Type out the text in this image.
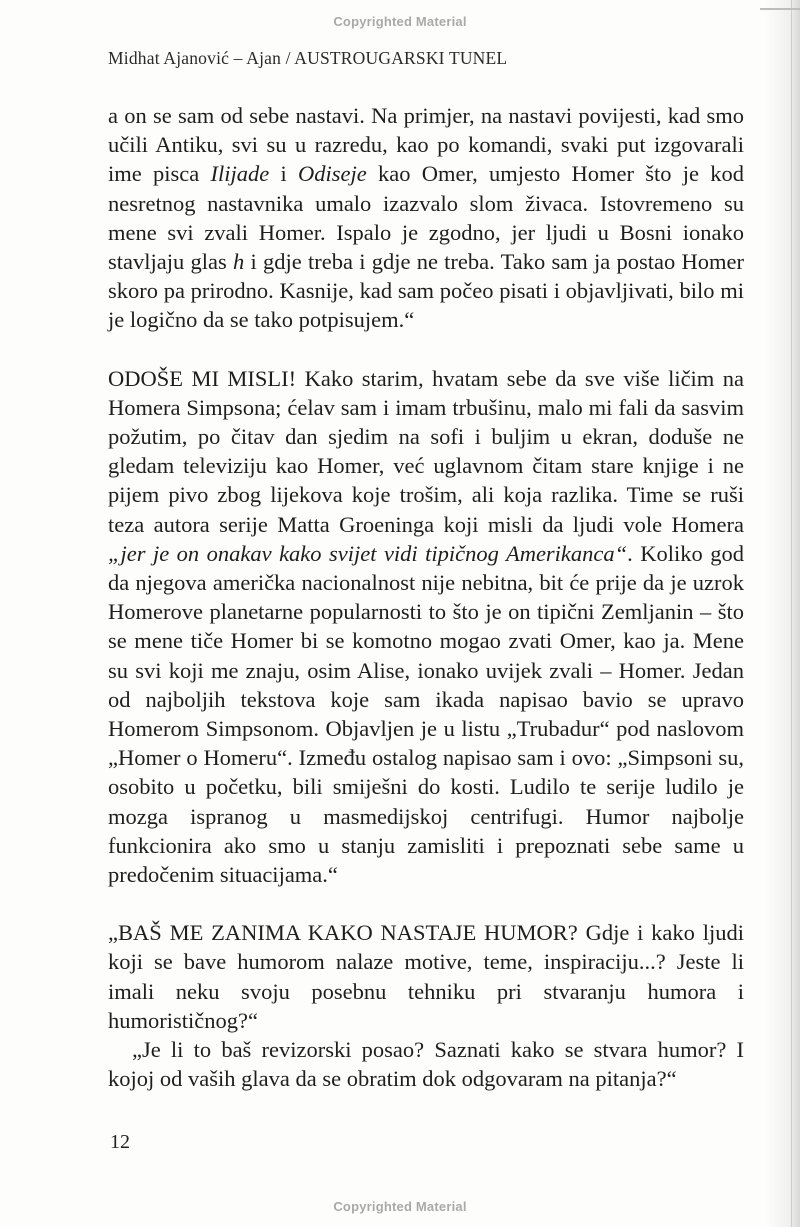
Copyrighted Material
Midhat Ajanović – Ajan / AUSTROUGARSKI TUNEL

a on se sam od sebe nastavi. Na primjer, na nastavi povijesti, kad smo učili Antiku, svi su u razredu, kao po komandi, svaki put izgovarali ime pisca Ilijade i Odiseje kao Omer, umjesto Homer što je kod nesretnog nastavnika umalo izazvalo slom živaca. Istovremeno su mene svi zvali Homer. Ispalo je zgodno, jer ljudi u Bosni ionako stavljaju glas h i gdje treba i gdje ne treba. Tako sam ja postao Homer skoro pa prirodno. Kasnije, kad sam počeo pisati i objavljivati, bilo mi je logično da se tako potpisujem.“

ODOŠE MI MISLI! Kako starim, hvatam sebe da sve više ličim na Homera Simpsona; ćelav sam i imam trbušinu, malo mi fali da sasvim požutim, po čitav dan sjedim na sofi i buljim u ekran, doduše ne gledam televiziju kao Homer, već uglavnom čitam stare knjige i ne pijem pivo zbog lijekova koje trošim, ali koja razlika. Time se ruši teza autora serije Matta Groeninga koji misli da ljudi vole Homera „jer je on onakav kako svijet vidi tipičnog Amerikanca“. Koliko god da njegova američka nacionalnost nije nebitna, bit će prije da je uzrok Homerove planetarne popularnosti to što je on tipični Zemljanin – što se mene tiče Homer bi se komotno mogao zvati Omer, kao ja. Mene su svi koji me znaju, osim Alise, ionako uvijek zvali – Homer. Jedan od najboljih tekstova koje sam ikada napisao bavio se upravo Homerom Simpsonom. Objavljen je u listu „Trubadur“ pod naslovom „Homer o Homeru“. Između ostalog napisao sam i ovo: „Simpsoni su, osobito u početku, bili smiješni do kosti. Ludilo te serije ludilo je mozga ispranog u masmedijskoj centrifugi. Humor najbolje funkcionira ako smo u stanju zamisliti i prepoznati sebe same u predočenim situacijama.“

„BAŠ ME ZANIMA KAKO NASTAJE HUMOR? Gdje i kako ljudi koji se bave humorom nalaze motive, teme, inspiraciju...? Jeste li imali neku svoju posebnu tehniku pri stvaranju humora i humorističnog?“

„Je li to baš revizorski posao? Saznati kako se stvara humor? I kojoj od vaših glava da se obratim dok odgovaram na pitanja?“

12
Copyrighted Material
